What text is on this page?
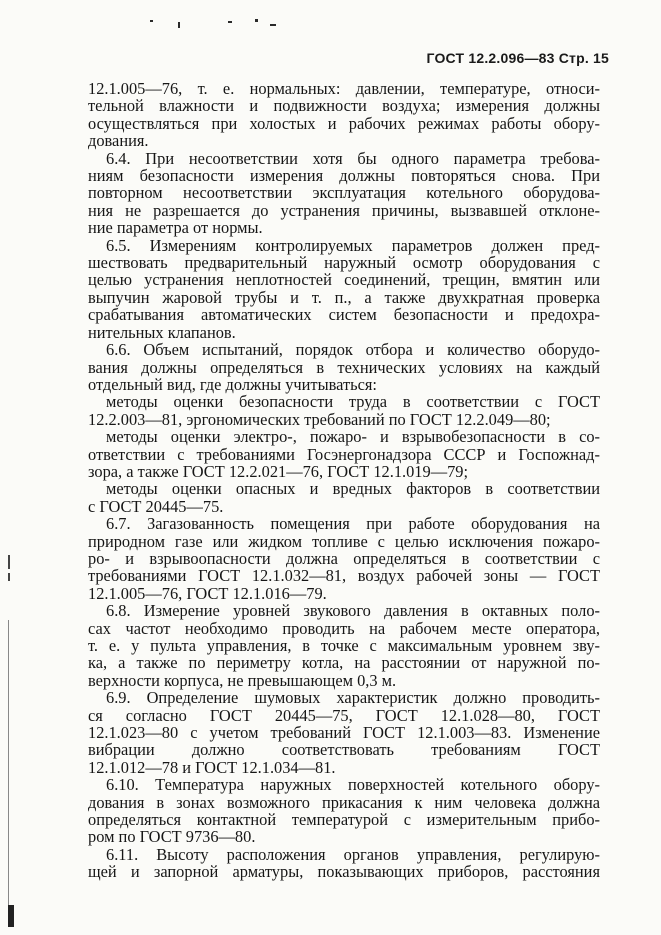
ГОСТ 12.2.096—83 Стр. 15
12.1.005—76, т. е. нормальных: давлении, температуре, относи-
тельной влажности и подвижности воздуха; измерения должны
осуществляться при холостых и рабочих режимах работы обору-
дования.
6.4. При несоответствии хотя бы одного параметра требова-
ниям безопасности измерения должны повторяться снова. При
повторном несоответствии эксплуатация котельного оборудова-
ния не разрешается до устранения причины, вызвавшей отклоне-
ние параметра от нормы.
6.5. Измерениям контролируемых параметров должен пред-
шествовать предварительный наружный осмотр оборудования с
целью устранения неплотностей соединений, трещин, вмятин или
выпучин жаровой трубы и т. п., а также двухкратная проверка
срабатывания автоматических систем безопасности и предохра-
нительных клапанов.
6.6. Объем испытаний, порядок отбора и количество оборудо-
вания должны определяться в технических условиях на каждый
отдельный вид, где должны учитываться:
методы оценки безопасности труда в соответствии с ГОСТ
12.2.003—81, эргономических требований по ГОСТ 12.2.049—80;
методы оценки электро-, пожаро- и взрывобезопасности в со-
ответствии с требованиями Госэнергонадзора СССР и Госпожнад-
зора, а также ГОСТ 12.2.021—76, ГОСТ 12.1.019—79;
методы оценки опасных и вредных факторов в соответствии
с ГОСТ 20445—75.
6.7. Загазованность помещения при работе оборудования на
природном газе или жидком топливе с целью исключения пожаро-
ро- и взрывоопасности должна определяться в соответствии с
требованиями ГОСТ 12.1.032—81, воздух рабочей зоны — ГОСТ
12.1.005—76, ГОСТ 12.1.016—79.
6.8. Измерение уровней звукового давления в октавных поло-
сах частот необходимо проводить на рабочем месте оператора,
т. е. у пульта управления, в точке с максимальным уровнем зву-
ка, а также по периметру котла, на расстоянии от наружной по-
верхности корпуса, не превышающем 0,3 м.
6.9. Определение шумовых характеристик должно проводить-
ся согласно ГОСТ 20445—75, ГОСТ 12.1.028—80, ГОСТ
12.1.023—80 с учетом требований ГОСТ 12.1.003—83. Изменение
вибрации должно соответствовать требованиям ГОСТ
12.1.012—78 и ГОСТ 12.1.034—81.
6.10. Температура наружных поверхностей котельного обору-
дования в зонах возможного прикасания к ним человека должна
определяться контактной температурой с измерительным прибо-
ром по ГОСТ 9736—80.
6.11. Высоту расположения органов управления, регулирую-
щей и запорной арматуры, показывающих приборов, расстояния
